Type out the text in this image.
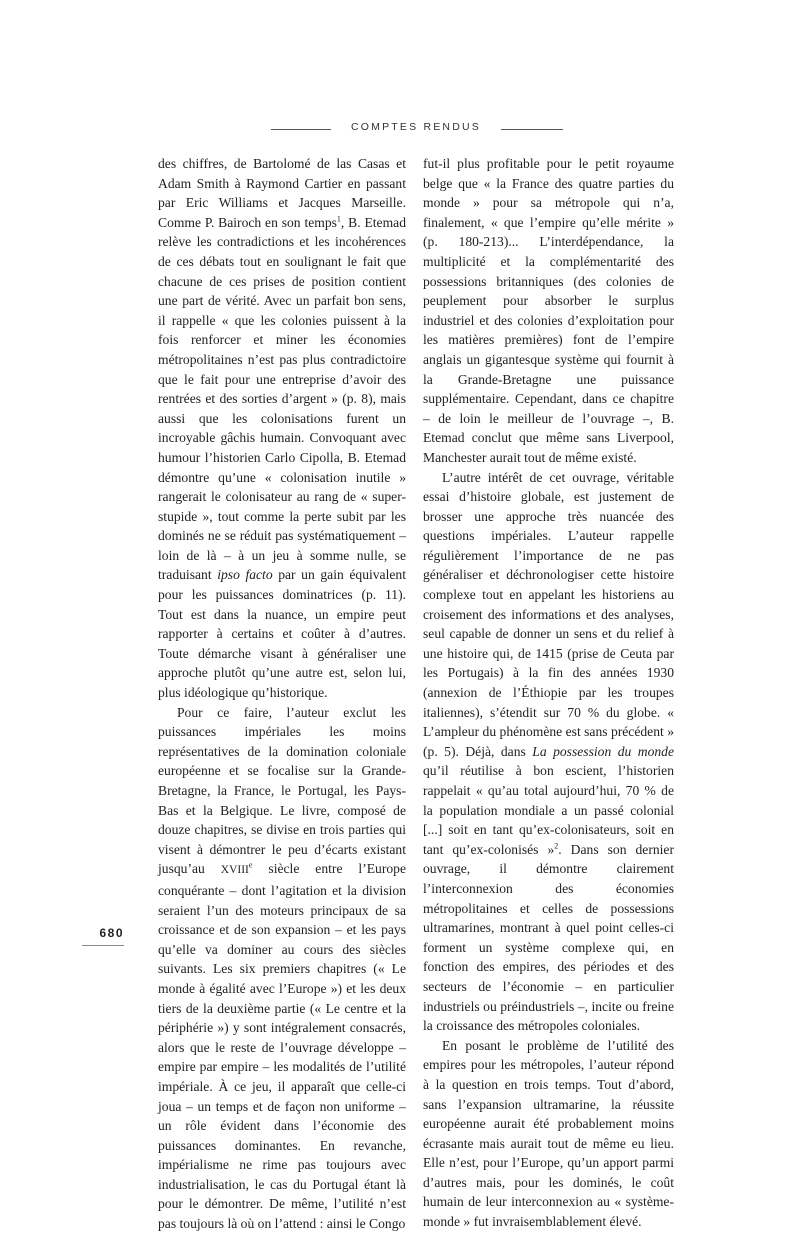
COMPTES RENDUS

des chiffres, de Bartolomé de las Casas et Adam Smith à Raymond Cartier en passant par Eric Williams et Jacques Marseille. Comme P. Bairoch en son temps$^1$, B. Etemad relève les contradictions et les incohérences de ces débats tout en soulignant le fait que chacune de ces prises de position contient une part de vérité. Avec un parfait bon sens, il rappelle « que les colonies puissent à la fois renforcer et miner les économies métropolitaines n’est pas plus contradictoire que le fait pour une entreprise d’avoir des rentrées et des sorties d’argent » (p. 8), mais aussi que les colonisations furent un incroyable gâchis humain. Convoquant avec humour l’historien Carlo Cipolla, B. Etemad démontre qu’une « colonisation inutile » rangerait le colonisateur au rang de « super-stupide », tout comme la perte subit par les dominés ne se réduit pas systématiquement – loin de là – à un jeu à somme nulle, se traduisant ipso facto par un gain équivalent pour les puissances dominatrices (p. 11). Tout est dans la nuance, un empire peut rapporter à certains et coûter à d’autres. Toute démarche visant à généraliser une approche plutôt qu’une autre est, selon lui, plus idéologique qu’historique.

Pour ce faire, l’auteur exclut les puissances impériales les moins représentatives de la domination coloniale européenne et se focalise sur la Grande-Bretagne, la France, le Portugal, les Pays-Bas et la Belgique. Le livre, composé de douze chapitres, se divise en trois parties qui visent à démontrer le peu d’écarts existant jusqu’au XVIIIe siècle entre l’Europe conquérante – dont l’agitation et la division seraient l’un des moteurs principaux de sa croissance et de son expansion – et les pays qu’elle va dominer au cours des siècles suivants. Les six premiers chapitres (« Le monde à égalité avec l’Europe ») et les deux tiers de la deuxième partie (« Le centre et la périphérie ») y sont intégralement consacrés, alors que le reste de l’ouvrage développe – empire par empire – les modalités de l’utilité impériale. À ce jeu, il apparaît que celle-ci joua – un temps et de façon non uniforme – un rôle évident dans l’économie des puissances dominantes. En revanche, impérialisme ne rime pas toujours avec industrialisation, le cas du Portugal étant là pour le démontrer. De même, l’utilité n’est pas toujours là où on l’attend : ainsi le Congo

fut-il plus profitable pour le petit royaume belge que « la France des quatre parties du monde » pour sa métropole qui n’a, finalement, « que l’empire qu’elle mérite » (p. 180-213)... L’interdépendance, la multiplicité et la complémentarité des possessions britanniques (des colonies de peuplement pour absorber le surplus industriel et des colonies d’exploitation pour les matières premières) font de l’empire anglais un gigantesque système qui fournit à la Grande-Bretagne une puissance supplémentaire. Cependant, dans ce chapitre – de loin le meilleur de l’ouvrage –, B. Etemad conclut que même sans Liverpool, Manchester aurait tout de même existé.

L’autre intérêt de cet ouvrage, véritable essai d’histoire globale, est justement de brosser une approche très nuancée des questions impériales. L’auteur rappelle régulièrement l’importance de ne pas généraliser et déchronologiser cette histoire complexe tout en appelant les historiens au croisement des informations et des analyses, seul capable de donner un sens et du relief à une histoire qui, de 1415 (prise de Ceuta par les Portugais) à la fin des années 1930 (annexion de l’Éthiopie par les troupes italiennes), s’étendit sur 70 % du globe. « L’ampleur du phénomène est sans précédent » (p. 5). Déjà, dans La possession du monde qu’il réutilise à bon escient, l’historien rappelait « qu’au total aujourd’hui, 70 % de la population mondiale a un passé colonial [...] soit en tant qu’ex-colonisateurs, soit en tant qu’ex-colonisés »$^2$. Dans son dernier ouvrage, il démontre clairement l’interconnexion des économies métropolitaines et celles de possessions ultramarines, montrant à quel point celles-ci forment un système complexe qui, en fonction des empires, des périodes et des secteurs de l’économie – en particulier industriels ou préindustriels –, incite ou freine la croissance des métropoles coloniales.

En posant le problème de l’utilité des empires pour les métropoles, l’auteur répond à la question en trois temps. Tout d’abord, sans l’expansion ultramarine, la réussite européenne aurait été probablement moins écrasante mais aurait tout de même eu lieu. Elle n’est, pour l’Europe, qu’un apport parmi d’autres mais, pour les dominés, le coût humain de leur interconnexion au « système-monde » fut invraisemblablement élevé.

680
